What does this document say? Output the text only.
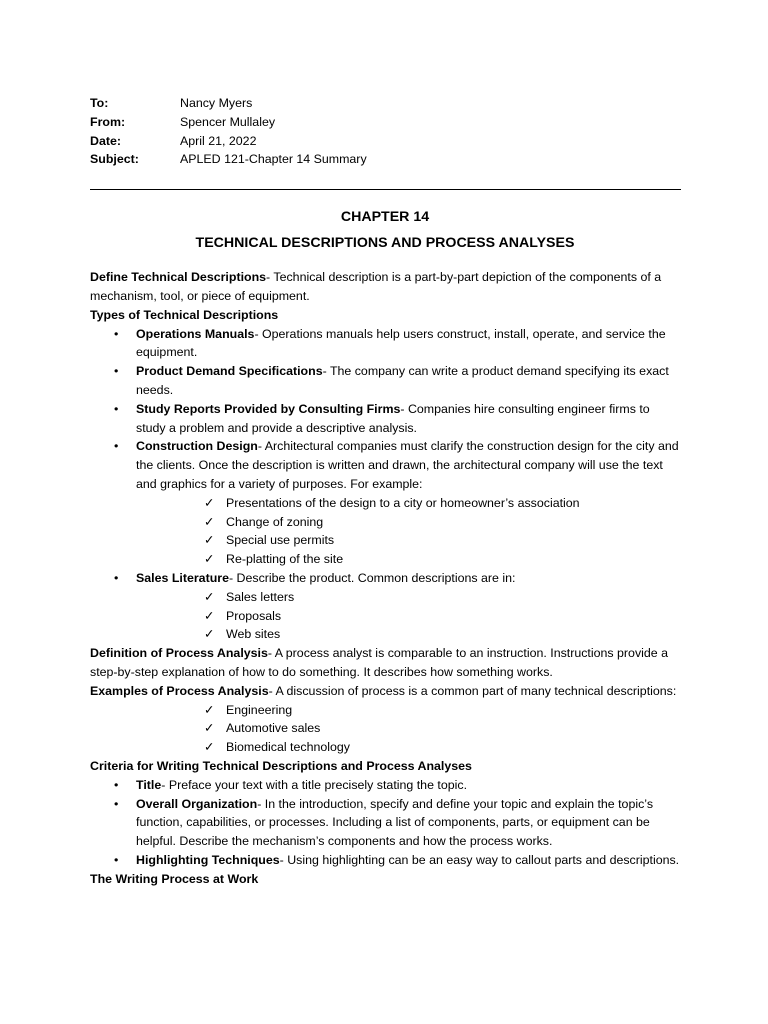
To:	Nancy Myers
From:	Spencer Mullaley
Date:	April 21, 2022
Subject:	APLED 121-Chapter 14 Summary
CHAPTER 14
TECHNICAL DESCRIPTIONS AND PROCESS ANALYSES

Define Technical Descriptions- Technical description is a part-by-part depiction of the components of a mechanism, tool, or piece of equipment.

Types of Technical Descriptions

• Operations Manuals- Operations manuals help users construct, install, operate, and service the equipment.
• Product Demand Specifications- The company can write a product demand specifying its exact needs.
• Study Reports Provided by Consulting Firms- Companies hire consulting engineer firms to study a problem and provide a descriptive analysis.
• Construction Design- Architectural companies must clarify the construction design for the city and the clients. Once the description is written and drawn, the architectural company will use the text and graphics for a variety of purposes. For example:
✓ Presentations of the design to a city or homeowner’s association
✓ Change of zoning
✓ Special use permits
✓ Re-platting of the site
• Sales Literature- Describe the product. Common descriptions are in:
✓ Sales letters
✓ Proposals
✓ Web sites

Definition of Process Analysis- A process analyst is comparable to an instruction. Instructions provide a step-by-step explanation of how to do something. It describes how something works.

Examples of Process Analysis- A discussion of process is a common part of many technical descriptions:

✓ Engineering
✓ Automotive sales
✓ Biomedical technology

Criteria for Writing Technical Descriptions and Process Analyses

• Title- Preface your text with a title precisely stating the topic.
• Overall Organization- In the introduction, specify and define your topic and explain the topic’s function, capabilities, or processes. Including a list of components, parts, or equipment can be helpful. Describe the mechanism’s components and how the process works.
• Highlighting Techniques- Using highlighting can be an easy way to callout parts and descriptions.

The Writing Process at Work
